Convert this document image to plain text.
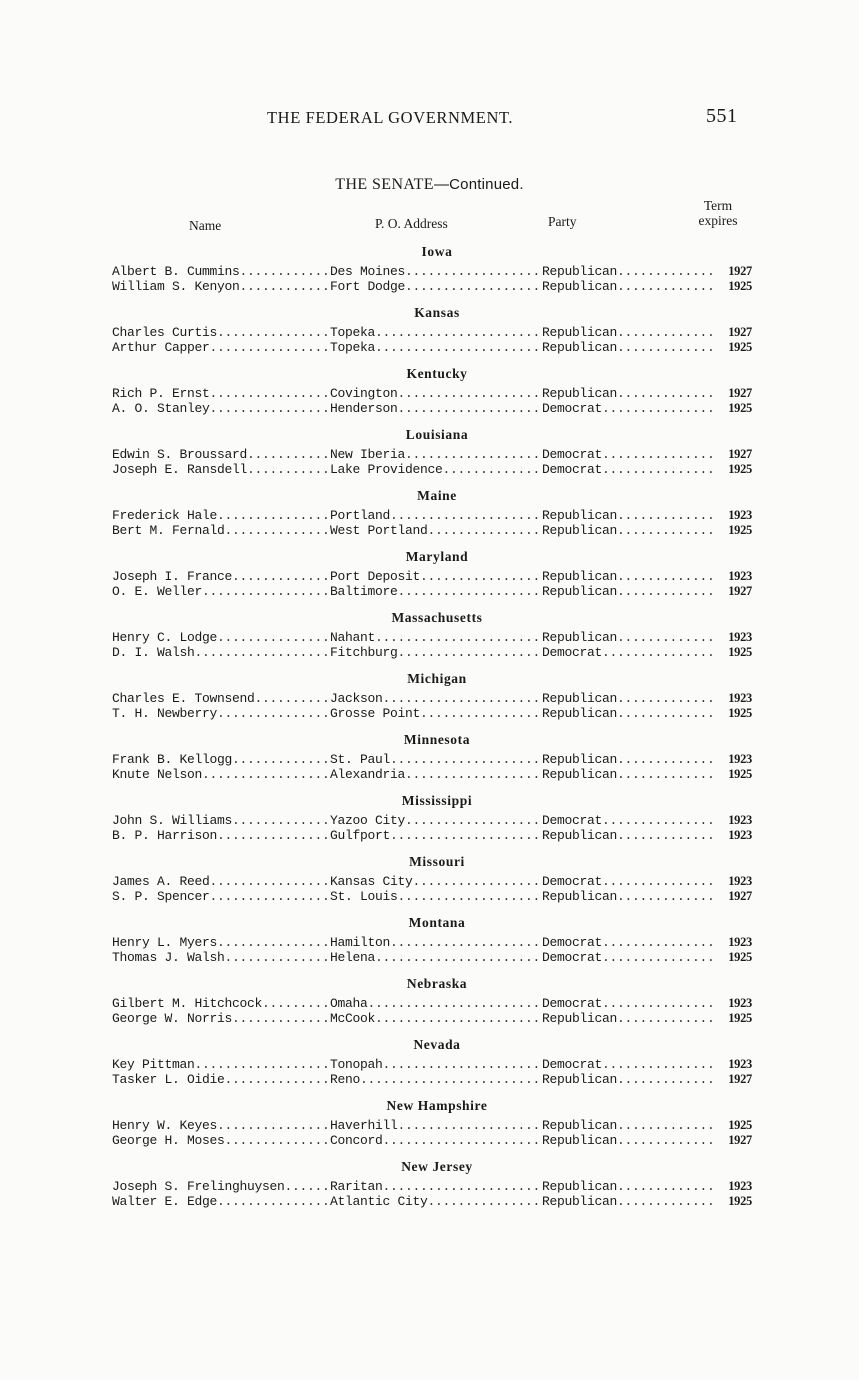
THE FEDERAL GOVERNMENT.	551
THE SENATE—Continued.
Name	P. O. Address	Party
Term
expires
Iowa
Albert B. Cummins .....	Des Moines .....	Republican .....	1927
William S. Kenyon .....	Fort Dodge .....	Republican .....	1925
Kansas
Charles Curtis .....	Topeka .....	Republican .....	1927
Arthur Capper .....	Topeka .....	Republican .....	1925
Kentucky
Rich P. Ernst .....	Covington .....	Republican .....	1927
A. O. Stanley .....	Henderson .....	Democrat .....	1925
Louisiana
Edwin S. Broussard .....	New Iberia .....	Democrat .....	1927
Joseph E. Ransdell .....	Lake Providence .....	Democrat .....	1925
Maine
Frederick Hale .....	Portland .....	Republican .....	1923
Bert M. Fernald .....	West Portland .....	Republican .....	1925
Maryland
Joseph I. France .....	Port Deposit .....	Republican .....	1923
O. E. Weller .....	Baltimore .....	Republican .....	1927
Massachusetts
Henry C. Lodge .....	Nahant .....	Republican .....	1923
D. I. Walsh .....	Fitchburg .....	Democrat .....	1925
Michigan
Charles E. Townsend .....	Jackson .....	Republican .....	1923
T. H. Newberry .....	Grosse Point .....	Republican .....	1925
Minnesota
Frank B. Kellogg .....	St. Paul .....	Republican .....	1923
Knute Nelson .....	Alexandria .....	Republican .....	1925
Mississippi
John S. Williams .....	Yazoo City .....	Democrat .....	1923
B. P. Harrison .....	Gulfport .....	Republican .....	1923
Missouri
James A. Reed .....	Kansas City .....	Democrat .....	1923
S. P. Spencer .....	St. Louis .....	Republican .....	1927
Montana
Henry L. Myers .....	Hamilton .....	Democrat .....	1923
Thomas J. Walsh .....	Helena .....	Democrat .....	1925
Nebraska
Gilbert M. Hitchcock .....	Omaha .....	Democrat .....	1923
George W. Norris .....	McCook .....	Republican .....	1925
Nevada
Key Pittman .....	Tonopah .....	Democrat .....	1923
Tasker L. Oidie .....	Reno .....	Republican .....	1927
New Hampshire
Henry W. Keyes .....	Haverhill .....	Republican .....	1925
George H. Moses .....	Concord .....	Republican .....	1927
New Jersey
Joseph S. Frelinghuysen .....	Raritan .....	Republican .....	1923
Walter E. Edge .....	Atlantic City .....	Republican .....	1925
